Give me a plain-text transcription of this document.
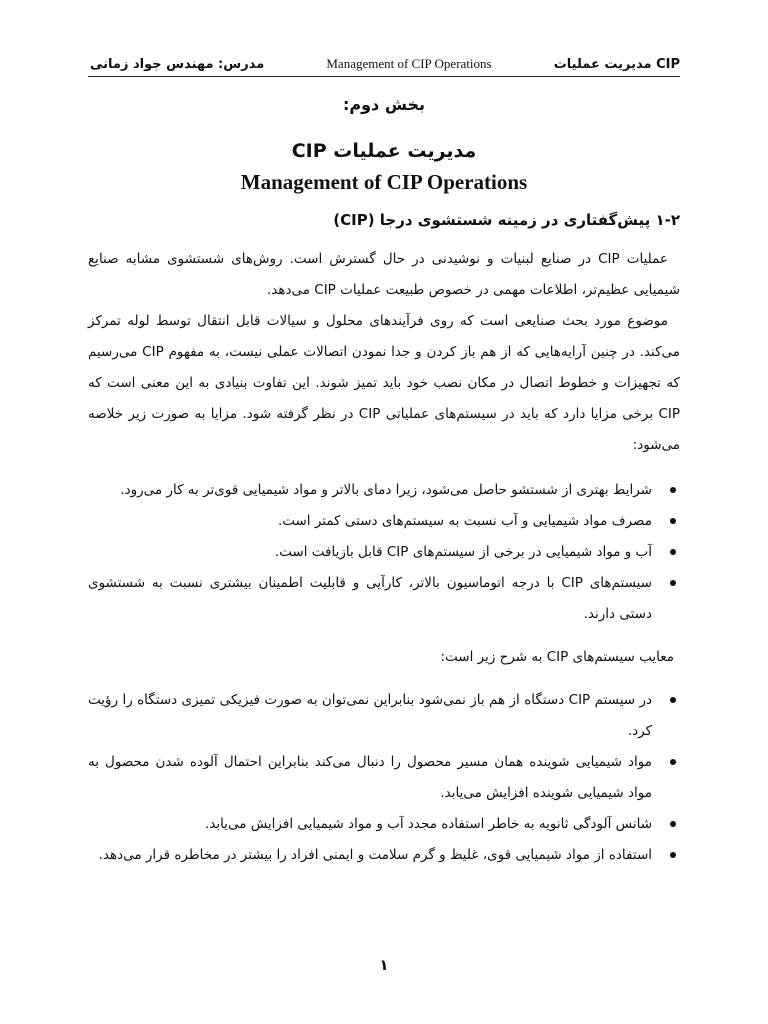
مدرس: مهندس جواد زمانی	Management of CIP Operations	مدیریت عملیات CIP

بخش دوم:

مدیریت عملیات CIP

Management of CIP Operations

۱-۲ پیش‌گفتاری در زمینه شستشوی درجا (CIP)

عملیات CIP در صنایع لبنیات و نوشیدنی در حال گسترش است. روش‌های شستشوی مشابه صنایع شیمیایی عظیم‌تر، اطلاعات مهمی در خصوص طبیعت عملیات CIP می‌دهد.

موضوع مورد بحث صنایعی است که روی فرآیندهای محلول و سیالات قابل انتقال توسط لوله تمرکز می‌کند. در چنین آرایه‌هایی که از هم باز کردن و جدا نمودن اتصالات عملی نیست، به مفهوم CIP می‌رسیم که تجهیزات و خطوط اتصال در مکان نصب خود باید تمیز شوند. این تفاوت بنیادی به این معنی است که CIP برخی مزایا دارد که باید در سیستم‌های عملیاتی CIP در نظر گرفته شود. مزایا به صورت زیر خلاصه می‌شود:

شرایط بهتری از شستشو حاصل می‌شود، زیرا دمای بالاتر و مواد شیمیایی قوی‌تر به کار می‌رود.
مصرف مواد شیمیایی و آب نسبت به سیستم‌های دستی کمتر است.
آب و مواد شیمیایی در برخی از سیستم‌های CIP قابل بازیافت است.
سیستم‌های CIP با درجه اتوماسیون بالاتر، کارآیی و قابلیت اطمینان بیشتری نسبت به شستشوی دستی دارند.

معایب سیستم‌های CIP به شرح زیر است:

در سیستم CIP دستگاه از هم باز نمی‌شود بنابراین نمی‌توان به صورت فیزیکی تمیزی دستگاه را رؤیت کرد.
مواد شیمیایی شوینده همان مسیر محصول را دنبال می‌کند بنابراین احتمال آلوده شدن محصول به مواد شیمیایی شوینده افزایش می‌یابد.
شانس آلودگی ثانویه به خاطر استفاده مجدد آب و مواد شیمیایی افزایش می‌یابد.
استفاده از مواد شیمیایی قوی، غلیظ و گرم سلامت و ایمنی افراد را بیشتر در مخاطره قرار می‌دهد.
۱
